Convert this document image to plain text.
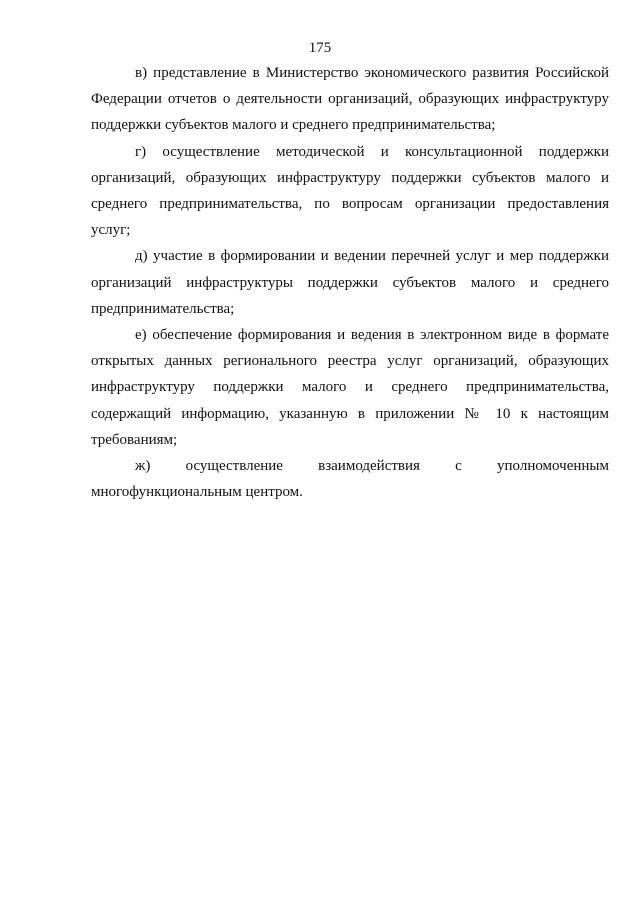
175

в) представление в Министерство экономического развития Российской Федерации отчетов о деятельности организаций, образующих инфраструктуру поддержки субъектов малого и среднего предпринимательства;

г) осуществление методической и консультационной поддержки организаций, образующих инфраструктуру поддержки субъектов малого и среднего предпринимательства, по вопросам организации предоставления услуг;

д) участие в формировании и ведении перечней услуг и мер поддержки организаций инфраструктуры поддержки субъектов малого и среднего предпринимательства;

е) обеспечение формирования и ведения в электронном виде в формате открытых данных регионального реестра услуг организаций, образующих инфраструктуру поддержки малого и среднего предпринимательства, содержащий информацию, указанную в приложении № 10 к настоящим требованиям;

ж) осуществление взаимодействия с уполномоченным многофункциональным центром.
